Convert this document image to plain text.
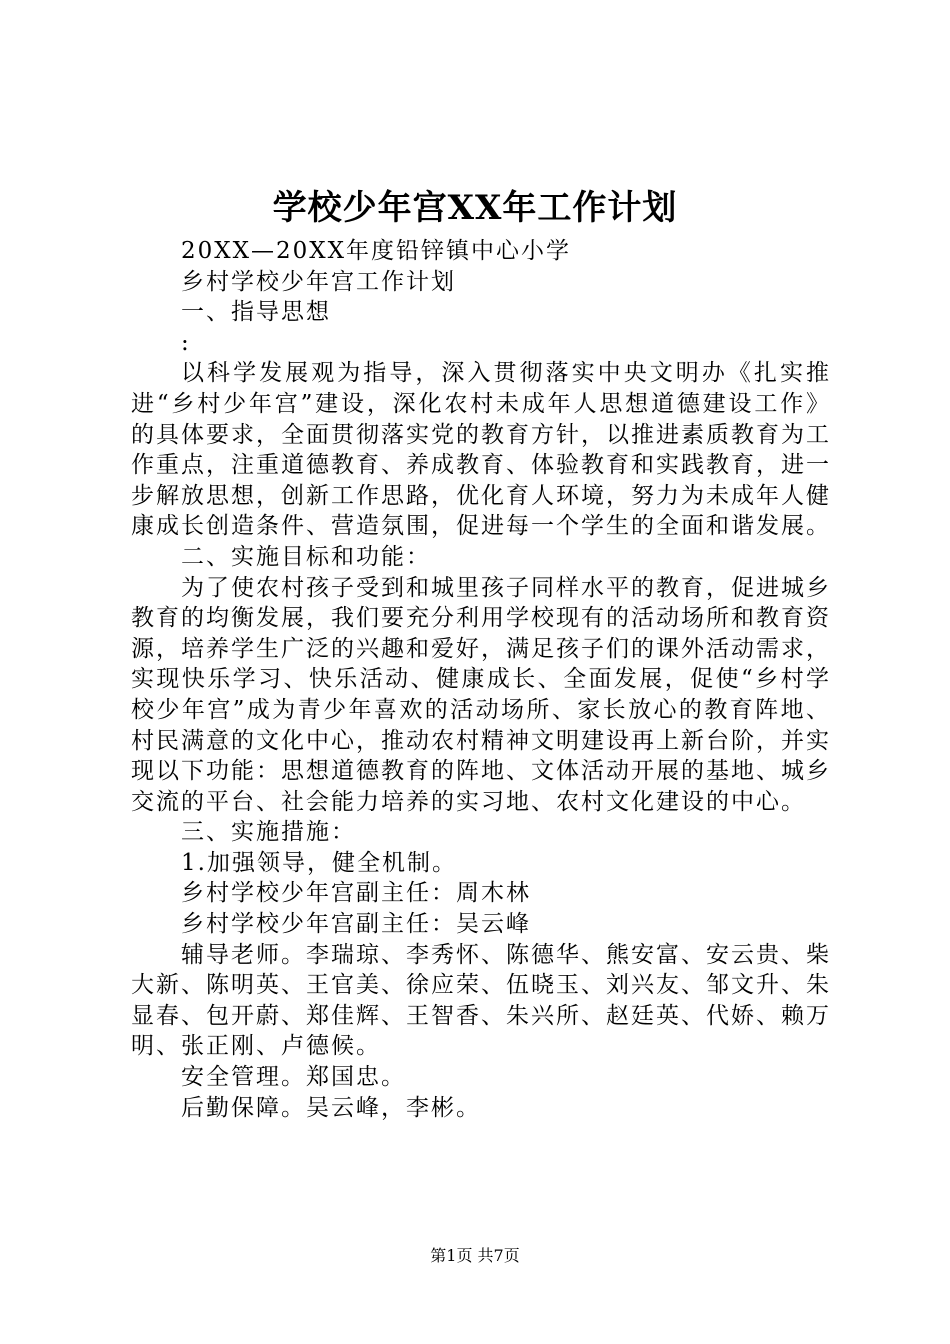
学校少年宫XX年工作计划

20XX—20XX年度铅锌镇中心小学

乡村学校少年宫工作计划

一、指导思想

:

以科学发展观为指导，深入贯彻落实中央文明办《扎实推进“乡村少年宫”建设，深化农村未成年人思想道德建设工作》的具体要求，全面贯彻落实党的教育方针，以推进素质教育为工作重点，注重道德教育、养成教育、体验教育和实践教育，进一步解放思想，创新工作思路，优化育人环境，努力为未成年人健康成长创造条件、营造氛围，促进每一个学生的全面和谐发展。

二、实施目标和功能：

为了使农村孩子受到和城里孩子同样水平的教育，促进城乡教育的均衡发展，我们要充分利用学校现有的活动场所和教育资源，培养学生广泛的兴趣和爱好，满足孩子们的课外活动需求，实现快乐学习、快乐活动、健康成长、全面发展，促使“乡村学校少年宫”成为青少年喜欢的活动场所、家长放心的教育阵地、村民满意的文化中心，推动农村精神文明建设再上新台阶，并实现以下功能：思想道德教育的阵地、文体活动开展的基地、城乡交流的平台、社会能力培养的实习地、农村文化建设的中心。

三、实施措施：

1.加强领导，健全机制。

乡村学校少年宫副主任：周木林

乡村学校少年宫副主任：吴云峰

辅导老师。李瑞琼、李秀怀、陈德华、熊安富、安云贵、柴大新、陈明英、王官美、徐应荣、伍晓玉、刘兴友、邹文升、朱显春、包开蔚、郑佳辉、王智香、朱兴所、赵廷英、代娇、赖万明、张正刚、卢德候。

安全管理。郑国忠。

后勤保障。吴云峰，李彬。

第1页 共7页
